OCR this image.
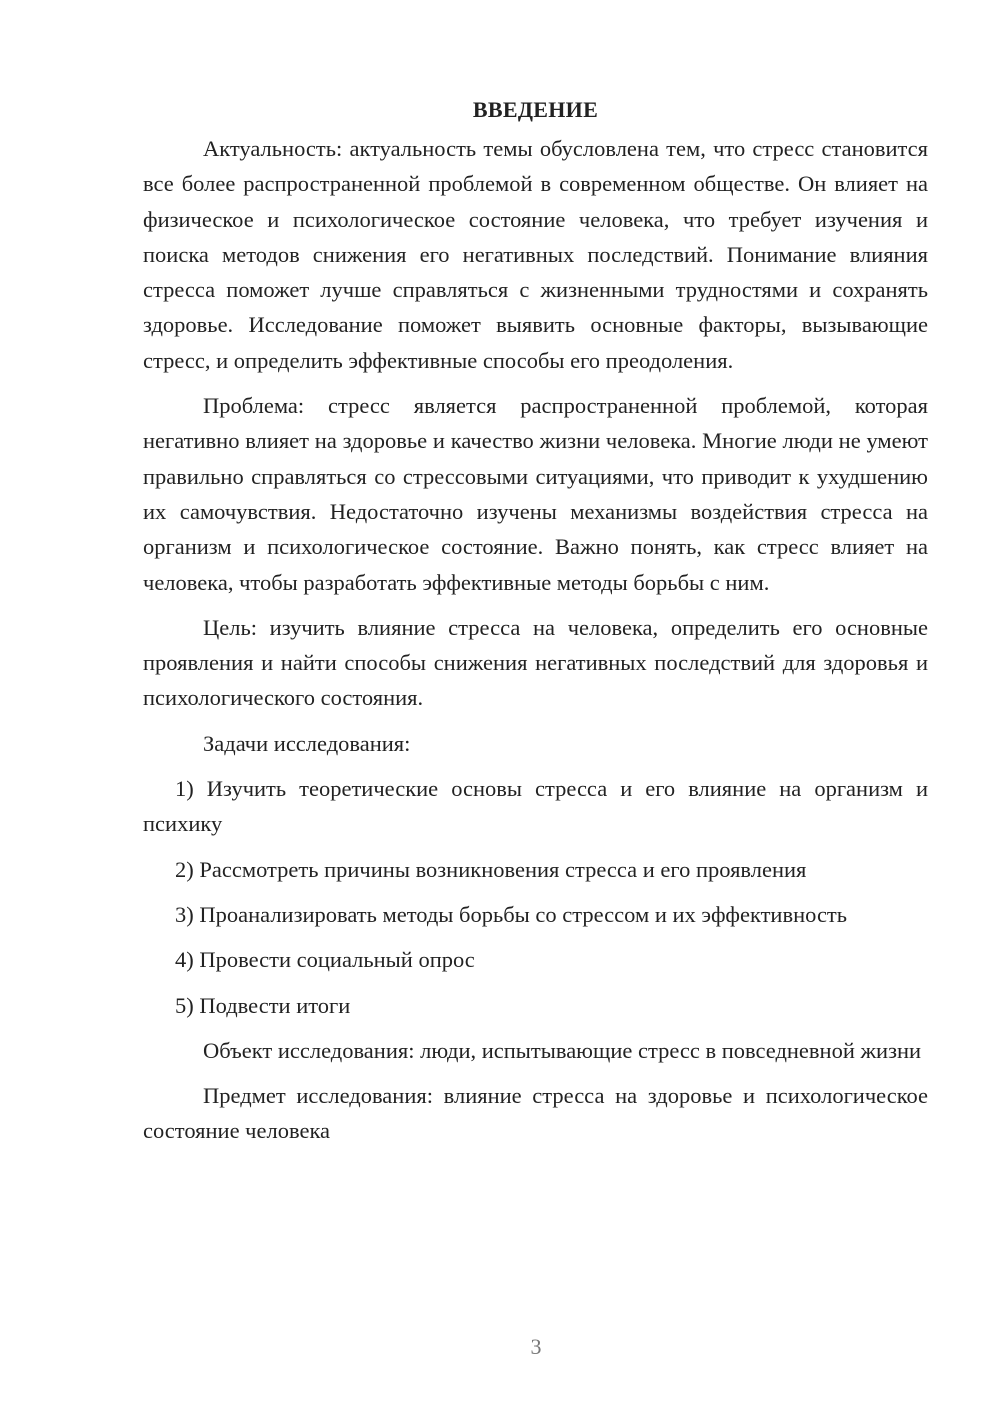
ВВЕДЕНИЕ

Актуальность: актуальность темы обусловлена тем, что стресс становится все более распространенной проблемой в современном обществе. Он влияет на физическое и психологическое состояние человека, что требует изучения и поиска методов снижения его негативных последствий. Понимание влияния стресса поможет лучше справляться с жизненными трудностями и сохранять здоровье. Исследование поможет выявить основные факторы, вызывающие стресс, и определить эффективные способы его преодоления.

Проблема: стресс является распространенной проблемой, которая негативно влияет на здоровье и качество жизни человека. Многие люди не умеют правильно справляться со стрессовыми ситуациями, что приводит к ухудшению их самочувствия. Недостаточно изучены механизмы воздействия стресса на организм и психологическое состояние. Важно понять, как стресс влияет на человека, чтобы разработать эффективные методы борьбы с ним.

Цель: изучить влияние стресса на человека, определить его основные проявления и найти способы снижения негативных последствий для здоровья и психологического состояния.

Задачи исследования:

1) Изучить теоретические основы стресса и его влияние на организм и психику

2) Рассмотреть причины возникновения стресса и его проявления

3) Проанализировать методы борьбы со стрессом и их эффективность

4) Провести социальный опрос

5) Подвести итоги

Объект исследования: люди, испытывающие стресс в повседневной жизни

Предмет исследования: влияние стресса на здоровье и психологическое состояние человека

3
